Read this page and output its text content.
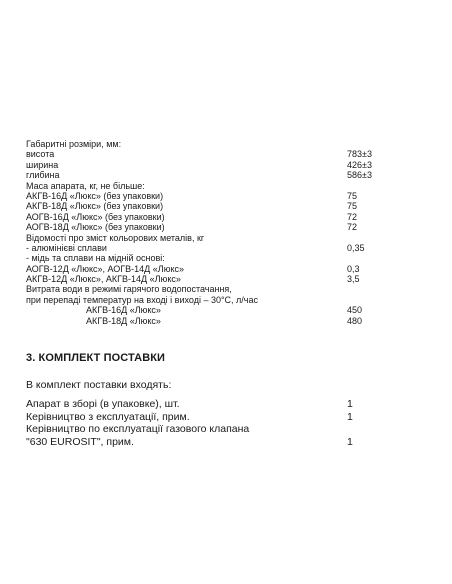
Габаритні розміри, мм:
висота	783±3
ширина	426±3
глибина	586±3
Маса апарата, кг, не більше:
АКГВ-16Д «Люкс» (без упаковки)	75
АКГВ-18Д «Люкс» (без упаковки)	75
АОГВ-16Д «Люкс» (без упаковки)	72
АОГВ-18Д «Люкс» (без упаковки)	72
Відомості про зміст кольорових металів, кг
- алюмінієві сплави	0,35
- мідь та сплави на мідній основі:
АОГВ-12Д «Люкс», АОГВ-14Д «Люкс»	0,3
АКГВ-12Д «Люкс», АКГВ-14Д «Люкс»	3,5
Витрата води в режимі гарячого водопостачання,
при перепаді температур на вході і виході – 30°С, л/час
АКГВ-16Д «Люкс»	450
АКГВ-18Д «Люкс»	480
3. КОМПЛЕКТ ПОСТАВКИ
В комплект поставки входять:
Апарат в зборі (в упаковке), шт.	1
Керівництво з експлуатації, прим.	1
Керівництво по експлуатації газового клапана
"630 EUROSIT", прим.	1
